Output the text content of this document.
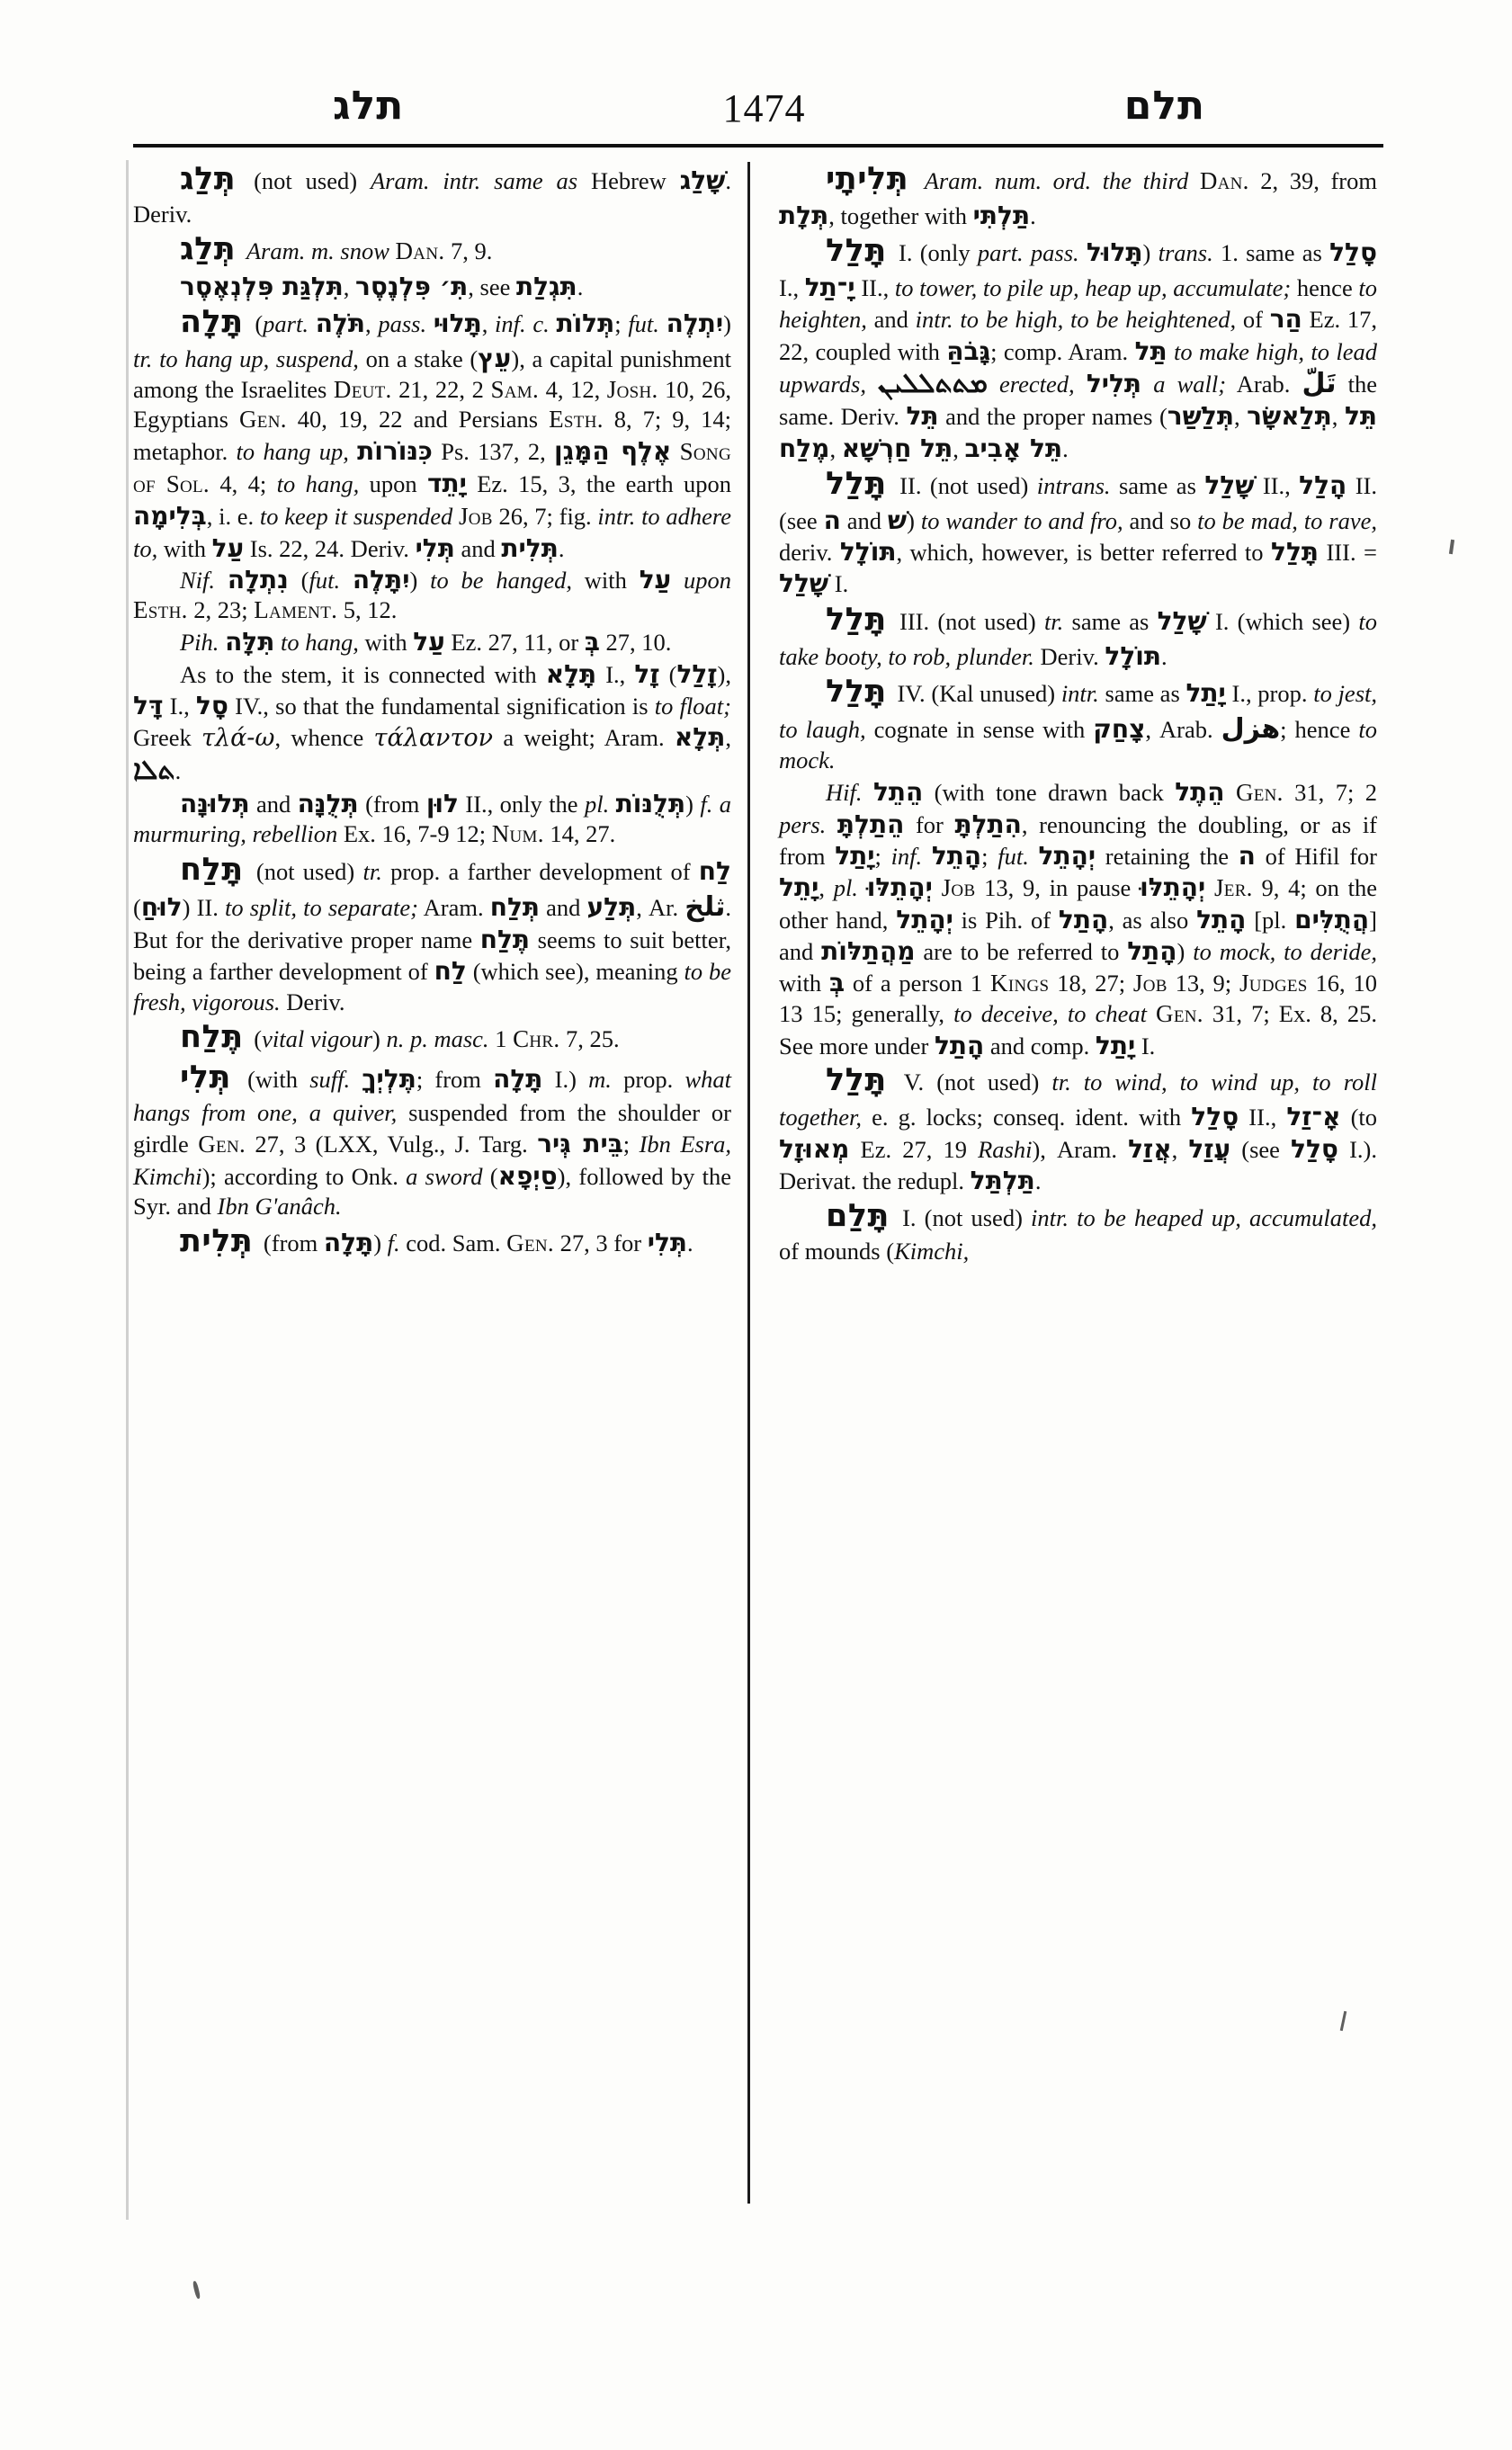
תלג	1474	תלם

תְּלַג (not used) Aram. intr. same as Hebrew שָׁלַג. Deriv.

תְּלַג Aram. m. snow Dan. 7, 9.

תִּלְגַּת פִּלְנְאֶסֶר, תִּ׳ פִּלְנֶסֶר, see תִּגְלַת.

תָּלָה (part. תֹּלֶה, pass. תָּלוּי, inf. c. תְּלוֹת; fut. יִתְלֶה) tr. to hang up, suspend, on a stake (עֵץ), a capital punishment among the Israelites Deut. 21, 22, 2 Sam. 4, 12, Josh. 10, 26, Egyptians Gen. 40, 19, 22 and Persians Esth. 8, 7; 9, 14; metaphor. to hang up, כִּנּוֹרוֹת Ps. 137, 2, אֶלֶף הַמָּגֵן Song of Sol. 4, 4; to hang, upon יָתֵד Ez. 15, 3, the earth upon בְּלִימָה, i. e. to keep it suspended Job 26, 7; fig. intr. to adhere to, with עַל Is. 22, 24. Deriv. תְּלִי and תְּלִית.

Nif. נִתְלָה (fut. יִתָּלֶה) to be hanged, with עַל upon Esth. 2, 23; Lament. 5, 12.

Pih. תִּלָּה to hang, with עַל Ez. 27, 11, or בְּ 27, 10.

As to the stem, it is connected with תָּלָא I., זָל (זָלַל), דָּל I., סָל IV., so that the fundamental signification is to float; Greek τλά-ω, whence τάλαντον a weight; Aram. תְּלָא, ܬܠܐ.

תְּלוּנָּה and תְּלֻנָּה (from לוּן II., only the pl. תְּלֻנּוֹת) f. a murmuring, rebellion Ex. 16, 7-9 12; Num. 14, 27.

תָּלַח (not used) tr. prop. a farther development of לַח (לוּחַ) II. to split, to separate; Aram. תְּלַח and תְּלַע, Ar. ثلخ. But for the derivative proper name תֶּלַח seems to suit better, being a farther development of לַח (which see), meaning to be fresh, vigorous. Deriv.

תֶּלַח (vital vigour) n. p. masc. 1 Chr. 7, 25.

תְּלִי (with suff. תֶּלְיְךָ; from תָּלָה I.) m. prop. what hangs from one, a quiver, suspended from the shoulder or girdle Gen. 27, 3 (LXX, Vulg., J. Targ. בֵּית גְּיר; Ibn Esra, Kimchi); according to Onk. a sword (סַיְפָא), followed by the Syr. and Ibn G'anâch.

תְּלִית (from תָּלָה) f. cod. Sam. Gen. 27, 3 for תְּלִי.

תְּלִיתָי Aram. num. ord. the third Dan. 2, 39, from תְּלָת, together with תַּלְתִּי.

תָּלַל I. (only part. pass. תָּלוּל) trans. 1. same as סָלַל I., יָ־תַל II., to tower, to pile up, heap up, accumulate; hence to heighten, and intr. to be high, to be heightened, of הַר Ez. 17, 22, coupled with גָּבֹהַּ; comp. Aram. תַּל to make high, to lead upwards, ܡܬܬܠܠܝܢ erected, תְּלִיל a wall; Arab. تَلّ the same. Deriv. תֵּל and the proper names (תְּלַשַּׁר, תְּלַאשָּׂר, תֵּל מֶלַח, תֵּל חַרְשָׁא, תֵּל אָבִיב.

תָּלַל II. (not used) intrans. same as שָׁלַל II., הָלַל II. (see ה and שׁ) to wander to and fro, and so to be mad, to rave, deriv. תּוֹלָל, which, however, is better referred to תָּלַל III. = שָׁלַל I.

תָּלַל III. (not used) tr. same as שָׁלַל I. (which see) to take booty, to rob, plunder. Deriv. תּוֹלָל.

תָּלַל IV. (Kal unused) intr. same as יָתַל I., prop. to jest, to laugh, cognate in sense with צָחַק, Arab. هزل; hence to mock.

Hif. הֵתֵל (with tone drawn back הֵתֶל Gen. 31, 7; 2 pers. הֵתַלְתָּ for הִתַלְתָּ, renouncing the doubling, or as if from יָתַל; inf. הָתֵל; fut. יְהָתֵל retaining the ה of Hifil for יָתֵל, pl. יְהָתֵלּוּ Job 13, 9, in pause יְהָתֵלּוּ Jer. 9, 4; on the other hand, יְהָתֵל is Pih. of הָתַל, as also הָתֵל [pl. הֲתֻלִּים] and מַהֲתַלּוֹת are to be referred to הָתַל) to mock, to deride, with בְּ of a person 1 Kings 18, 27; Job 13, 9; Judges 16, 10 13 15; generally, to deceive, to cheat Gen. 31, 7; Ex. 8, 25. See more under הָתַל and comp. יָתַל I.

תָּלַל V. (not used) tr. to wind, to wind up, to roll together, e. g. locks; conseq. ident. with סָלַל II., אָ־זַל (to מְאוּזָל Ez. 27, 19 Rashi), Aram. אֲזַל, עֲזַל (see סָלַל I.). Derivat. the redupl. תַּלְתַּל.

תָּלַם I. (not used) intr. to be heaped up, accumulated, of mounds (Kimchi,
